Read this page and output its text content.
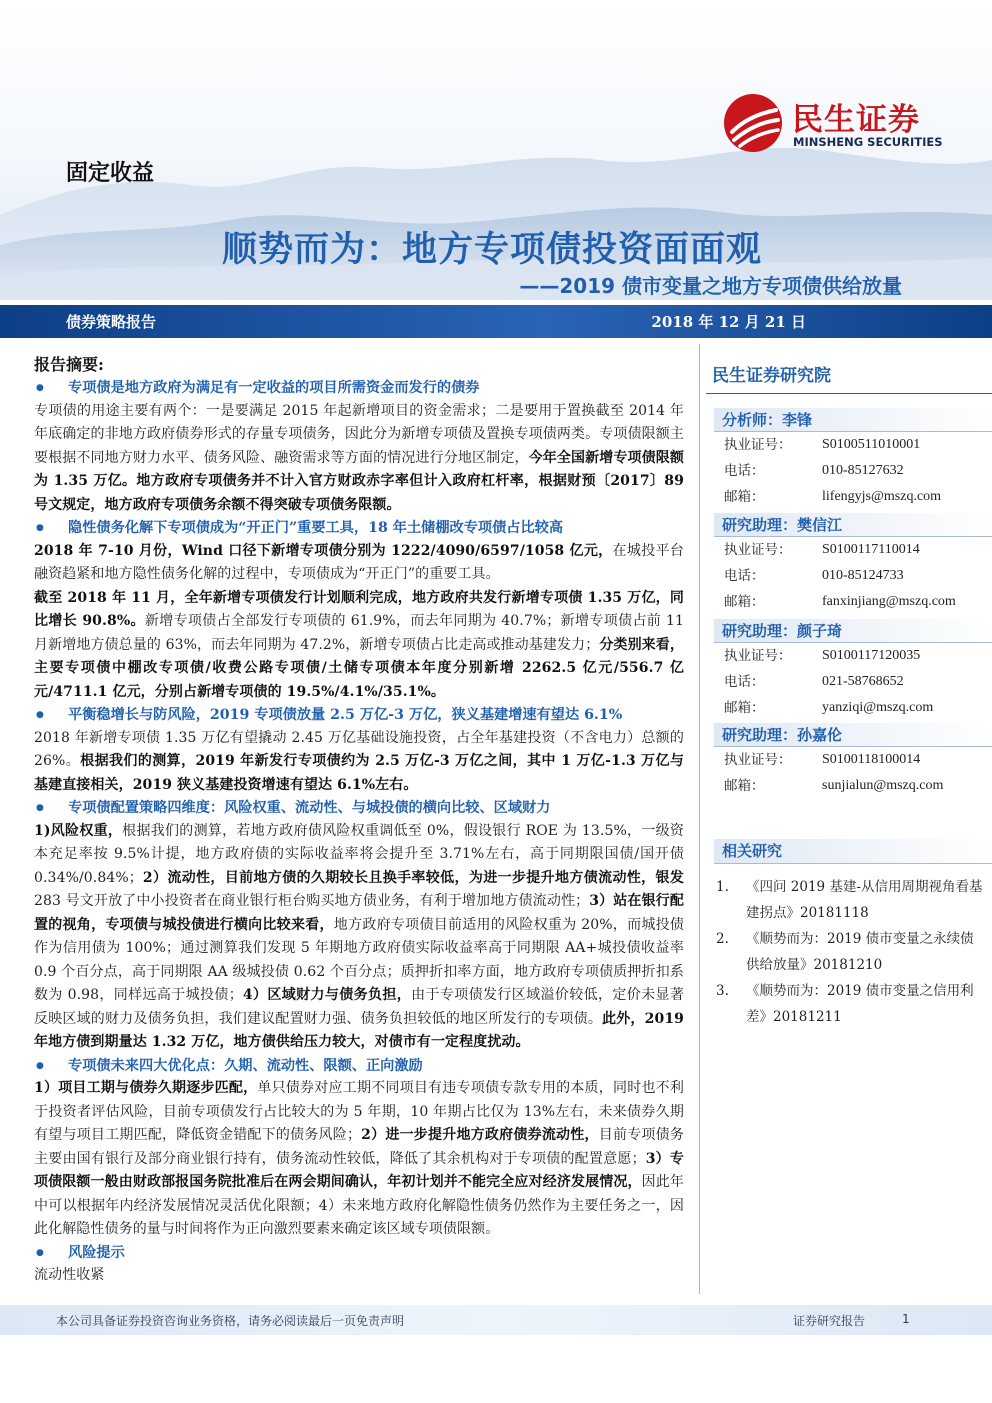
民生证券
MINSHENG SECURITIES
固定收益
顺势而为：地方专项债投资面面观
——2019 债市变量之地方专项债供给放量
债券策略报告	2018 年 12 月 21 日
报告摘要:
● 专项债是地方政府为满足有一定收益的项目所需资金而发行的债券
专项债的用途主要有两个：一是要满足 2015 年起新增项目的资金需求；二是要用于置换截至 2014 年年底确定的非地方政府债券形式的存量专项债务，因此分为新增专项债及置换专项债两类。专项债限额主要根据不同地方财力水平、债务风险、融资需求等方面的情况进行分地区制定，今年全国新增专项债限额为 1.35 万亿。地方政府专项债务并不计入官方财政赤字率但计入政府杠杆率，根据财预〔2017〕89 号文规定，地方政府专项债务余额不得突破专项债务限额。
● 隐性债务化解下专项债成为“开正门”重要工具，18 年土储棚改专项债占比较高
2018 年 7-10 月份，Wind 口径下新增专项债分别为 1222/4090/6597/1058 亿元，在城投平台融资趋紧和地方隐性债务化解的过程中，专项债成为“开正门”的重要工具。
截至 2018 年 11 月，全年新增专项债发行计划顺利完成，地方政府共发行新增专项债 1.35 万亿，同比增长 90.8%。新增专项债占全部发行专项债的 61.9%，而去年同期为 40.7%；新增专项债占前 11 月新增地方债总量的 63%，而去年同期为 47.2%，新增专项债占比走高或推动基建发力；分类别来看，主要专项债中棚改专项债/收费公路专项债/土储专项债本年度分别新增 2262.5 亿元/556.7 亿元/4711.1 亿元，分别占新增专项债的 19.5%/4.1%/35.1%。
● 平衡稳增长与防风险，2019 专项债放量 2.5 万亿-3 万亿，狭义基建增速有望达 6.1%
2018 年新增专项债 1.35 万亿有望撬动 2.45 万亿基础设施投资，占全年基建投资（不含电力）总额的 26%。根据我们的测算，2019 年新发行专项债约为 2.5 万亿-3 万亿之间，其中 1 万亿-1.3 万亿与基建直接相关，2019 狭义基建投资增速有望达 6.1%左右。
● 专项债配置策略四维度：风险权重、流动性、与城投债的横向比较、区域财力
1)风险权重，根据我们的测算，若地方政府债风险权重调低至 0%，假设银行 ROE 为 13.5%，一级资本充足率按 9.5%计提，地方政府债的实际收益率将会提升至 3.71%左右，高于同期限国债/国开债 0.34%/0.84%；2）流动性，目前地方债的久期较长且换手率较低，为进一步提升地方债流动性，银发 283 号文开放了中小投资者在商业银行柜台购买地方债业务，有利于增加地方债流动性；3）站在银行配置的视角，专项债与城投债进行横向比较来看，地方政府专项债目前适用的风险权重为 20%，而城投债作为信用债为 100%；通过测算我们发现 5 年期地方政府债实际收益率高于同期限 AA+城投债收益率 0.9 个百分点，高于同期限 AA 级城投债 0.62 个百分点；质押折扣率方面，地方政府专项债质押折扣系数为 0.98，同样远高于城投债；4）区域财力与债务负担，由于专项债发行区域溢价较低，定价未显著反映区域的财力及债务负担，我们建议配置财力强、债务负担较低的地区所发行的专项债。此外，2019 年地方债到期量达 1.32 万亿，地方债供给压力较大，对债市有一定程度扰动。
● 专项债未来四大优化点：久期、流动性、限额、正向激励
1）项目工期与债券久期逐步匹配，单只债券对应工期不同项目有违专项债专款专用的本质，同时也不利于投资者评估风险，目前专项债发行占比较大的为 5 年期，10 年期占比仅为 13%左右，未来债券久期有望与项目工期匹配，降低资金错配下的债务风险；2）进一步提升地方政府债券流动性，目前专项债务主要由国有银行及部分商业银行持有，债务流动性较低，降低了其余机构对于专项债的配置意愿；3）专项债限额一般由财政部报国务院批准后在两会期间确认，年初计划并不能完全应对经济发展情况，因此年中可以根据年内经济发展情况灵活优化限额；4）未来地方政府化解隐性债务仍然作为主要任务之一，因此化解隐性债务的量与时间将作为正向激烈要素来确定该区域专项债限额。
● 风险提示
流动性收紧
民生证券研究院
分析师：李锋
执业证号： S0100511010001
电话：	010-85127632
邮箱：	lifengyjs@mszq.com
研究助理：樊信江
执业证号： S0100117110014
电话：	010-85124733
邮箱：	fanxinjiang@mszq.com
研究助理：颜子琦
执业证号： S0100117120035
电话：	021-58768652
邮箱：	yanziqi@mszq.com
研究助理：孙嘉伦
执业证号： S0100118100014
邮箱：	sunjialun@mszq.com
相关研究
1. 《四问 2019 基建-从信用周期视角看基建拐点》20181118
2. 《顺势而为：2019 债市变量之永续债供给放量》20181210
3. 《顺势而为：2019 债市变量之信用利差》20181211
本公司具备证券投资咨询业务资格，请务必阅读最后一页免责声明	证券研究报告	1
